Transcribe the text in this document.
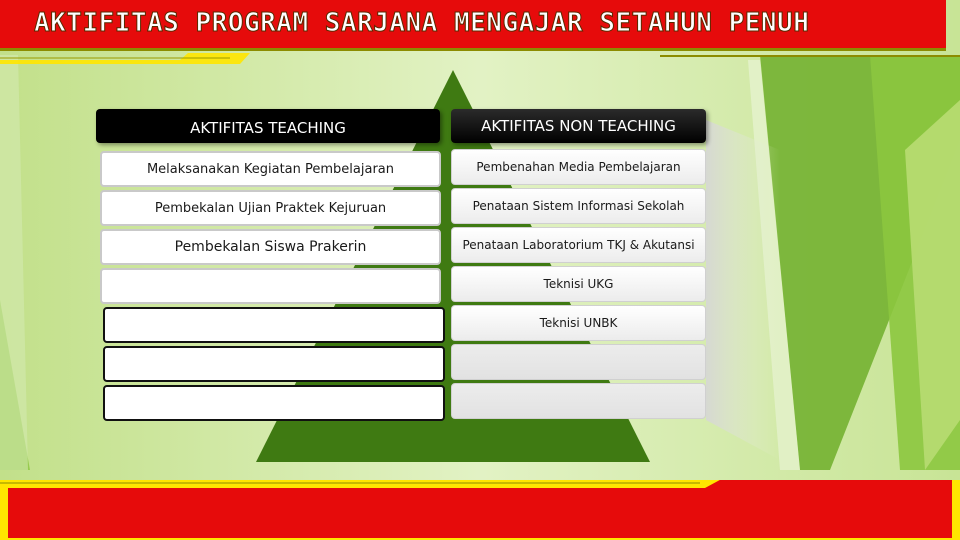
AKTIFITAS PROGRAM SARJANA MENGAJAR SETAHUN PENUH
AKTIFITAS TEACHING	AKTIFITAS NON TEACHING
Melaksanakan Kegiatan Pembelajaran
Pembekalan Ujian Praktek Kejuruan
Pembekalan Siswa Prakerin
Pembenahan Media Pembelajaran
Penataan Sistem Informasi Sekolah
Penataan Laboratorium TKJ & Akutansi
Teknisi UKG
Teknisi UNBK
